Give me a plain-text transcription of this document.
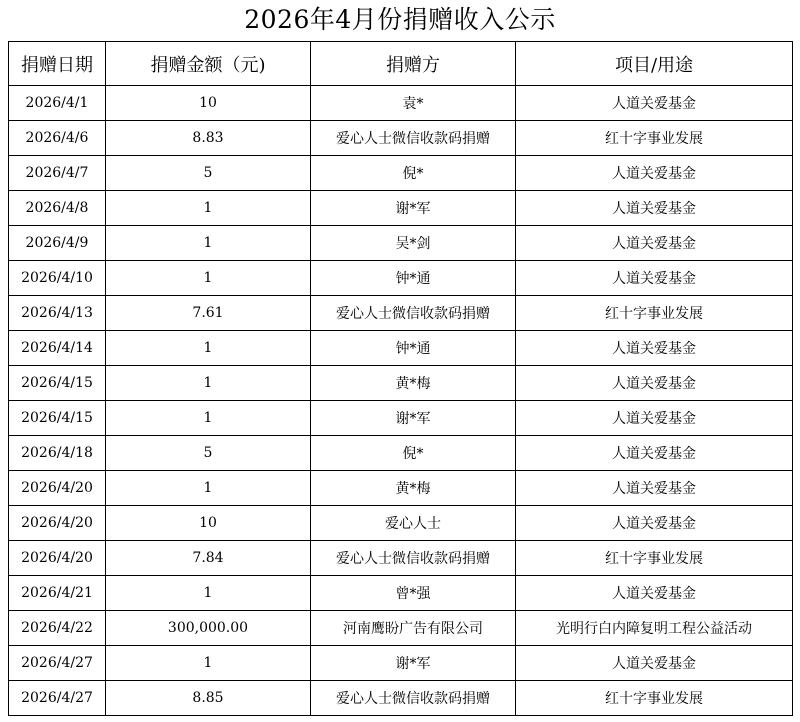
2026年4月份捐赠收入公示
捐赠日期	捐赠金额（元)	捐赠方	项目/用途
2026/4/1	10	袁*	人道关爱基金
2026/4/6	8.83	爱心人士微信收款码捐赠	红十字事业发展
2026/4/7	5	倪*	人道关爱基金
2026/4/8	1	谢*军	人道关爱基金
2026/4/9	1	吴*剑	人道关爱基金
2026/4/10	1	钟*通	人道关爱基金
2026/4/13	7.61	爱心人士微信收款码捐赠	红十字事业发展
2026/4/14	1	钟*通	人道关爱基金
2026/4/15	1	黄*梅	人道关爱基金
2026/4/15	1	谢*军	人道关爱基金
2026/4/18	5	倪*	人道关爱基金
2026/4/20	1	黄*梅	人道关爱基金
2026/4/20	10	爱心人士	人道关爱基金
2026/4/20	7.84	爱心人士微信收款码捐赠	红十字事业发展
2026/4/21	1	曾*强	人道关爱基金
2026/4/22	300,000.00	河南鹰盼广告有限公司	光明行白内障复明工程公益活动
2026/4/27	1	谢*军	人道关爱基金
2026/4/27	8.85	爱心人士微信收款码捐赠	红十字事业发展
